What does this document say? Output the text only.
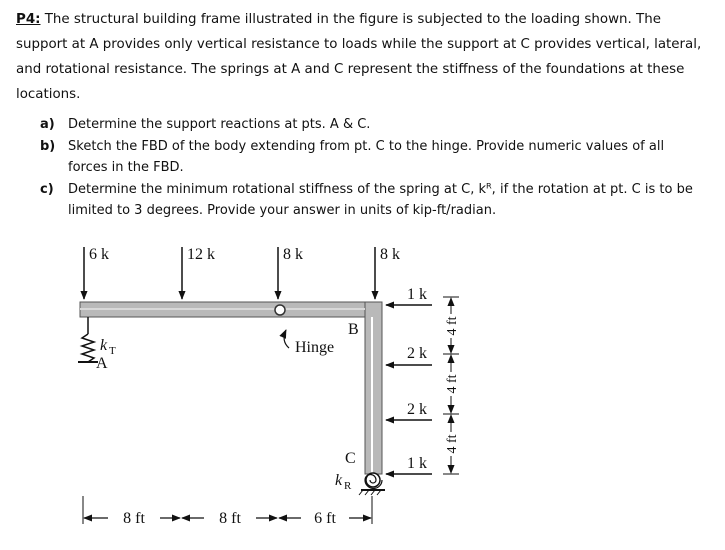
P4: The structural building frame illustrated in the figure is subjected to the loading shown. The support at A provides only vertical resistance to loads while the support at C provides vertical, lateral, and rotational resistance. The springs at A and C represent the stiffness of the foundations at these locations.
a) Determine the support reactions at pts. A & C.
b) Sketch the FBD of the body extending from pt. C to the hinge. Provide numeric values of all forces in the FBD.
c) Determine the minimum rotational stiffness of the spring at C, kᴿ, if the rotation at pt. C is to be limited to 3 degrees. Provide your answer in units of kip-ft/radian.
Hinge
k T
A
B
C
k R
6 k	12 k	8 k	8 k
1 k
2 k
2 k
1 k
4 ft
4 ft
4 ft
8 ft	8 ft	6 ft
